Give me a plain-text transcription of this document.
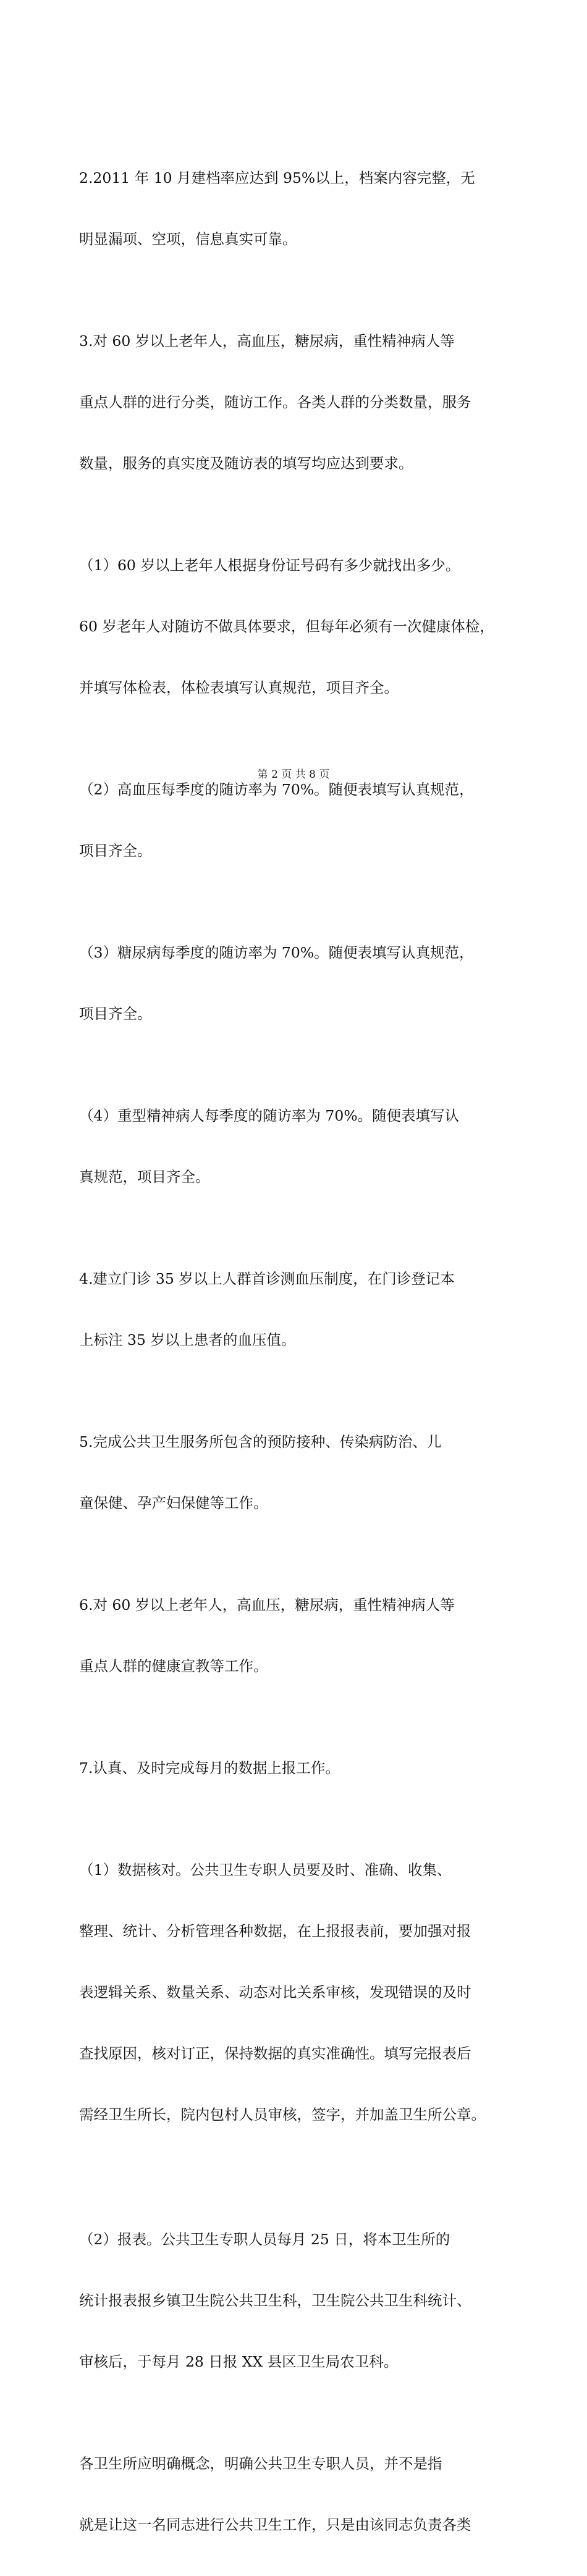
2.2011 年 10 月建档率应达到 95%以上，档案内容完整，无

明显漏项、空项，信息真实可靠。

3.对 60 岁以上老年人，高血压，糖尿病，重性精神病人等

重点人群的进行分类，随访工作。各类人群的分类数量，服务

数量，服务的真实度及随访表的填写均应达到要求。

（1）60 岁以上老年人根据身份证号码有多少就找出多少。

60 岁老年人对随访不做具体要求，但每年必须有一次健康体检，

并填写体检表，体检表填写认真规范，项目齐全。

（2）高血压每季度的随访率为 70%。随便表填写认真规范，

项目齐全。

（3）糖尿病每季度的随访率为 70%。随便表填写认真规范，

项目齐全。

（4）重型精神病人每季度的随访率为 70%。随便表填写认

真规范，项目齐全。

4.建立门诊 35 岁以上人群首诊测血压制度，在门诊登记本

上标注 35 岁以上患者的血压值。

5.完成公共卫生服务所包含的预防接种、传染病防治、儿

童保健、孕产妇保健等工作。

6.对 60 岁以上老年人，高血压，糖尿病，重性精神病人等

重点人群的健康宣教等工作。

7.认真、及时完成每月的数据上报工作。

（1）数据核对。公共卫生专职人员要及时、准确、收集、

整理、统计、分析管理各种数据，在上报报表前，要加强对报

表逻辑关系、数量关系、动态对比关系审核，发现错误的及时

查找原因，核对订正，保持数据的真实准确性。填写完报表后

需经卫生所长，院内包村人员审核，签字，并加盖卫生所公章。

（2）报表。公共卫生专职人员每月 25 日，将本卫生所的

统计报表报乡镇卫生院公共卫生科，卫生院公共卫生科统计、

审核后，于每月 28 日报 XX 县区卫生局农卫科。

各卫生所应明确概念，明确公共卫生专职人员，并不是指

就是让这一名同志进行公共卫生工作，只是由该同志负责各类

第 2 页 共 8 页
